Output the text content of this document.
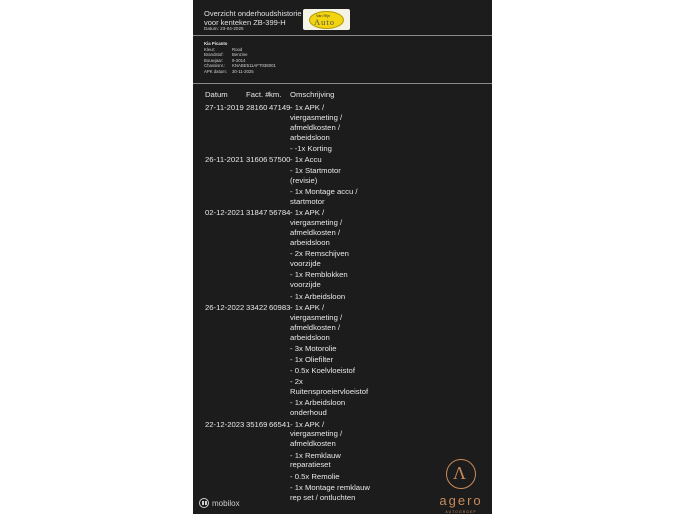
Overzicht onderhoudshistorie
voor kenteken ZB-399-H
Datum: 23-04-2025
Van Rijn
Auto
Kia Picanto
Kleur:	Rood
Brandstof:	Benzine
Bouwjaar:	9-2014
Chassisnr.:	KNABE511AFT038001
APK datum:	30-11-2025
Datum	Fact. # km.	Omschrijving
27-11-2019 28160 47149 - 1x APK / viergasmeting / afmeldkosten / arbeidsloon
- -1x Korting
26-11-2021 31606 57500 - 1x Accu
- 1x Startmotor (revisie)
- 1x Montage accu / startmotor
02-12-2021 31847 56784 - 1x APK / viergasmeting / afmeldkosten / arbeidsloon
- 2x Remschijven voorzijde
- 1x Remblokken voorzijde
- 1x Arbeidsloon
26-12-2022 33422 60983 - 1x APK / viergasmeting / afmeldkosten / arbeidsloon
- 3x Motorolie
- 1x Oliefilter
- 0.5x Koelvloeistof
- 2x Ruitensproeiervloeistof
- 1x Arbeidsloon onderhoud
22-12-2023 35169 66541 - 1x APK / viergasmeting / afmeldkosten
- 1x Remklauw reparatieset
- 0.5x Remolie
- 1x Montage remklauw rep set / ontluchten
mobilox
Λ
agero
AUTOGROEP
